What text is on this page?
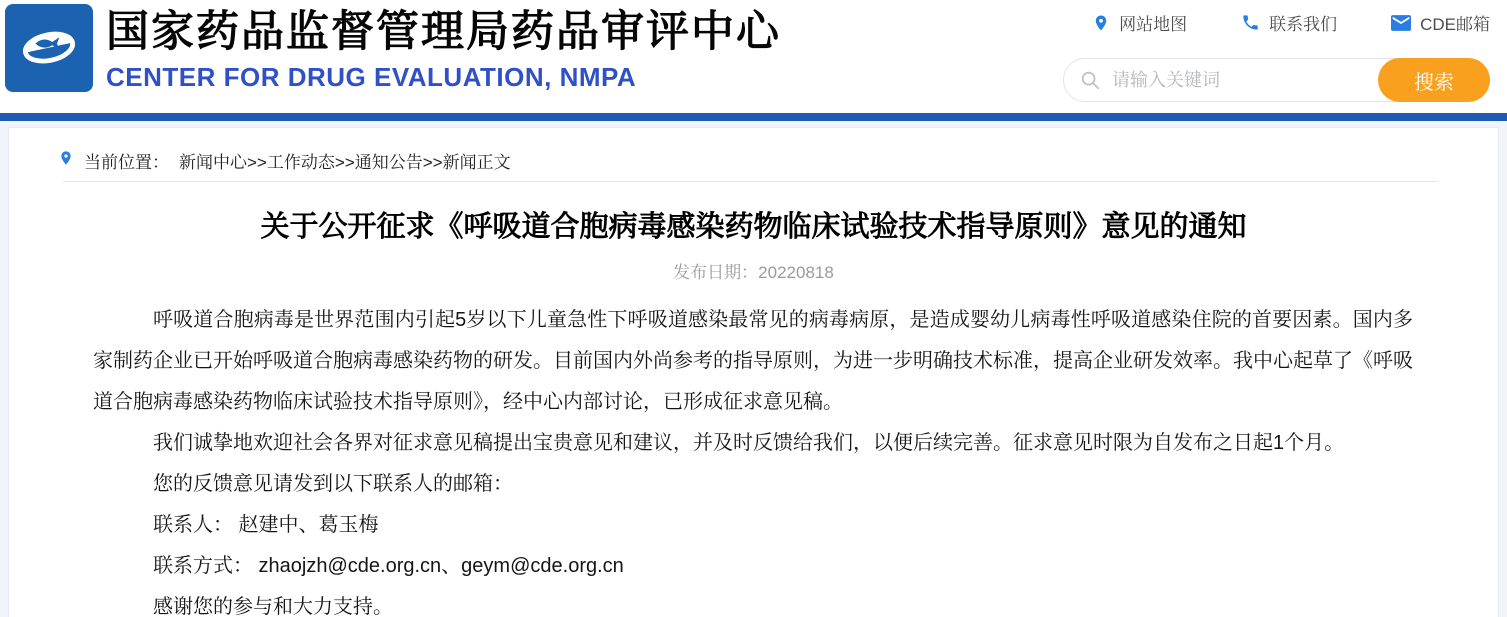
国家药品监督管理局药品审评中心
CENTER FOR DRUG EVALUATION, NMPA
网站地图	联系我们	CDE邮箱
请输入关键词
搜索
当前位置： 新闻中心>>工作动态>>通知公告>>新闻正文
关于公开征求《呼吸道合胞病毒感染药物临床试验技术指导原则》意见的通知
发布日期：20220818

呼吸道合胞病毒是世界范围内引起5岁以下儿童急性下呼吸道感染最常见的病毒病原，是造成婴幼儿病毒性呼吸道感染住院的首要因素。国内多家制药企业已开始呼吸道合胞病毒感染药物的研发。目前国内外尚参考的指导原则，为进一步明确技术标准，提高企业研发效率。我中心起草了《呼吸道合胞病毒感染药物临床试验技术指导原则》，经中心内部讨论，已形成征求意见稿。

我们诚挚地欢迎社会各界对征求意见稿提出宝贵意见和建议，并及时反馈给我们，以便后续完善。征求意见时限为自发布之日起1个月。

您的反馈意见请发到以下联系人的邮箱：

联系人： 赵建中、葛玉梅

联系方式： zhaojzh@cde.org.cn、geym@cde.org.cn

感谢您的参与和大力支持。
